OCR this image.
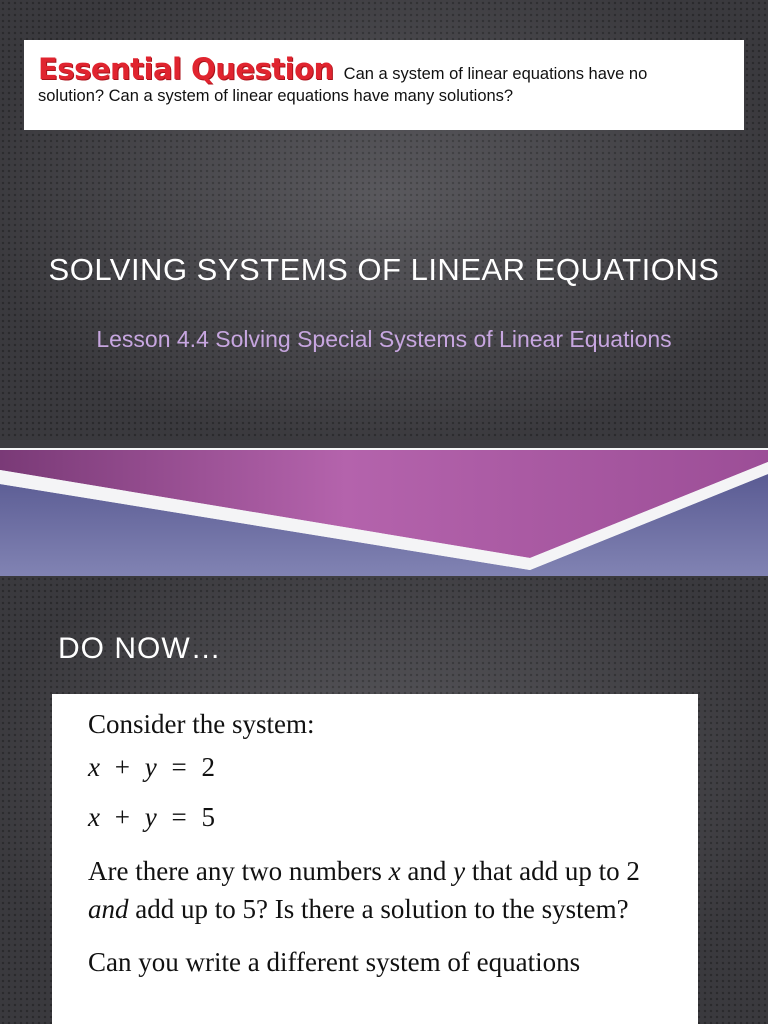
Essential Question Can a system of linear equations have no
solution? Can a system of linear equations have many solutions?
SOLVING SYSTEMS OF LINEAR EQUATIONS
Lesson 4.4 Solving Special Systems of Linear Equations
DO NOW…

Consider the system:

x + y = 2

x + y = 5

Are there any two numbers x and y that add up to 2 and add up to 5? Is there a solution to the system?

Can you write a different system of equations
